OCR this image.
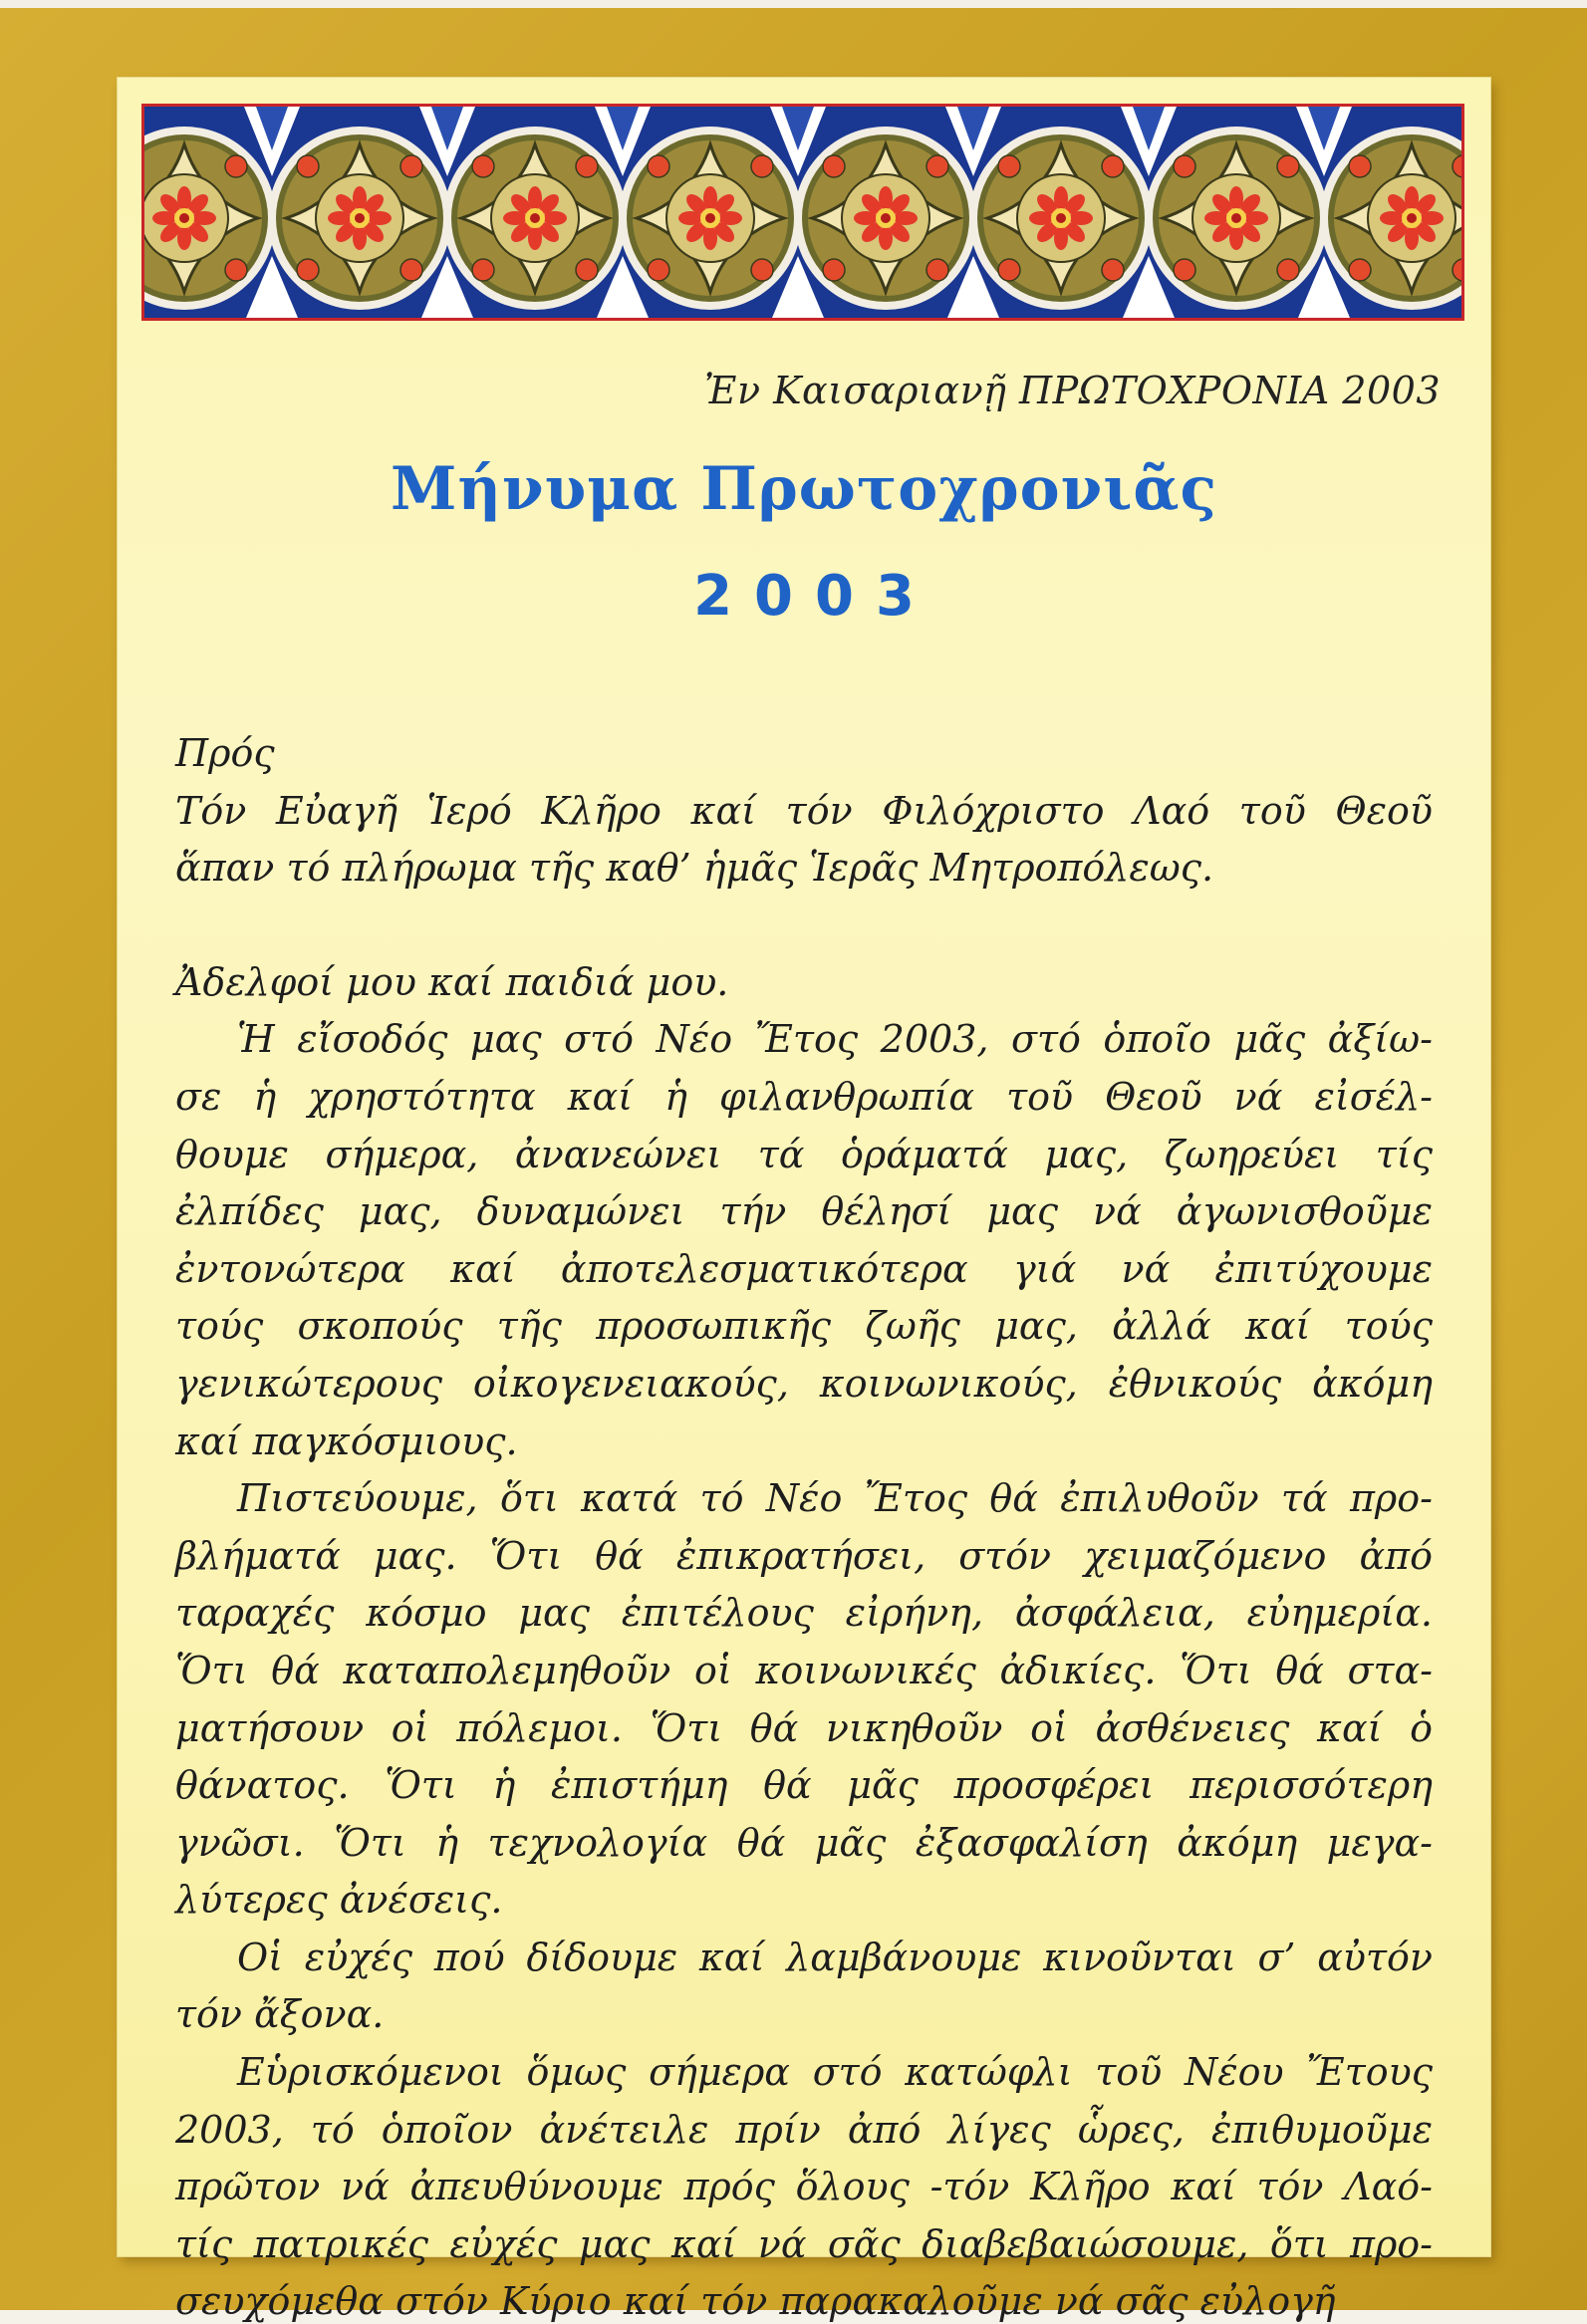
Ἐν Καισαριανῇ ΠΡΩΤΟΧΡΟΝΙΑ 2003
Μήνυμα Πρωτοχρονιᾶς
2003

Πρός

Τόν Εὐαγῆ Ἱερό Κλῆρο καί τόν Φιλόχριστο Λαό τοῦ Θεοῦ

ἅπαν τό πλήρωμα τῆς καθ’ ἡμᾶς Ἱερᾶς Μητροπόλεως.

Ἀδελφοί μου καί παιδιά μου.

Ἡ εἴσοδός μας στό Νέο Ἔτος 2003, στό ὁποῖο μᾶς ἀξίω-

σε ἡ χρηστότητα καί ἡ φιλανθρωπία τοῦ Θεοῦ νά εἰσέλ-

θουμε σήμερα, ἀνανεώνει τά ὁράματά μας, ζωηρεύει τίς

ἐλπίδες μας, δυναμώνει τήν θέλησί μας νά ἀγωνισθοῦμε

ἐντονώτερα καί ἀποτελεσματικότερα γιά νά ἐπιτύχουμε

τούς σκοπούς τῆς προσωπικῆς ζωῆς μας, ἀλλά καί τούς

γενικώτερους οἰκογενειακούς, κοινωνικούς, ἐθνικούς ἀκόμη

καί παγκόσμιους.

Πιστεύουμε, ὅτι κατά τό Νέο Ἔτος θά ἐπιλυθοῦν τά προ-

βλήματά μας. Ὅτι θά ἐπικρατήσει, στόν χειμαζόμενο ἀπό

ταραχές κόσμο μας ἐπιτέλους εἰρήνη, ἀσφάλεια, εὐημερία.

Ὅτι θά καταπολεμηθοῦν οἱ κοινωνικές ἀδικίες. Ὅτι θά στα-

ματήσουν οἱ πόλεμοι. Ὅτι θά νικηθοῦν οἱ ἀσθένειες καί ὁ

θάνατος. Ὅτι ἡ ἐπιστήμη θά μᾶς προσφέρει περισσότερη

γνῶσι. Ὅτι ἡ τεχνολογία θά μᾶς ἐξασφαλίση ἀκόμη μεγα-

λύτερες ἀνέσεις.

Οἱ εὐχές πού δίδουμε καί λαμβάνουμε κινοῦνται σ’ αὐτόν

τόν ἄξονα.

Εὑρισκόμενοι ὅμως σήμερα στό κατώφλι τοῦ Νέου Ἔτους

2003, τό ὁποῖον ἀνέτειλε πρίν ἀπό λίγες ὧρες, ἐπιθυμοῦμε

πρῶτον νά ἀπευθύνουμε πρός ὅλους -τόν Κλῆρο καί τόν Λαό-

τίς πατρικές εὐχές μας καί νά σᾶς διαβεβαιώσουμε, ὅτι προ-

σευχόμεθα στόν Κύριο καί τόν παρακαλοῦμε νά σᾶς εὐλογῆ
